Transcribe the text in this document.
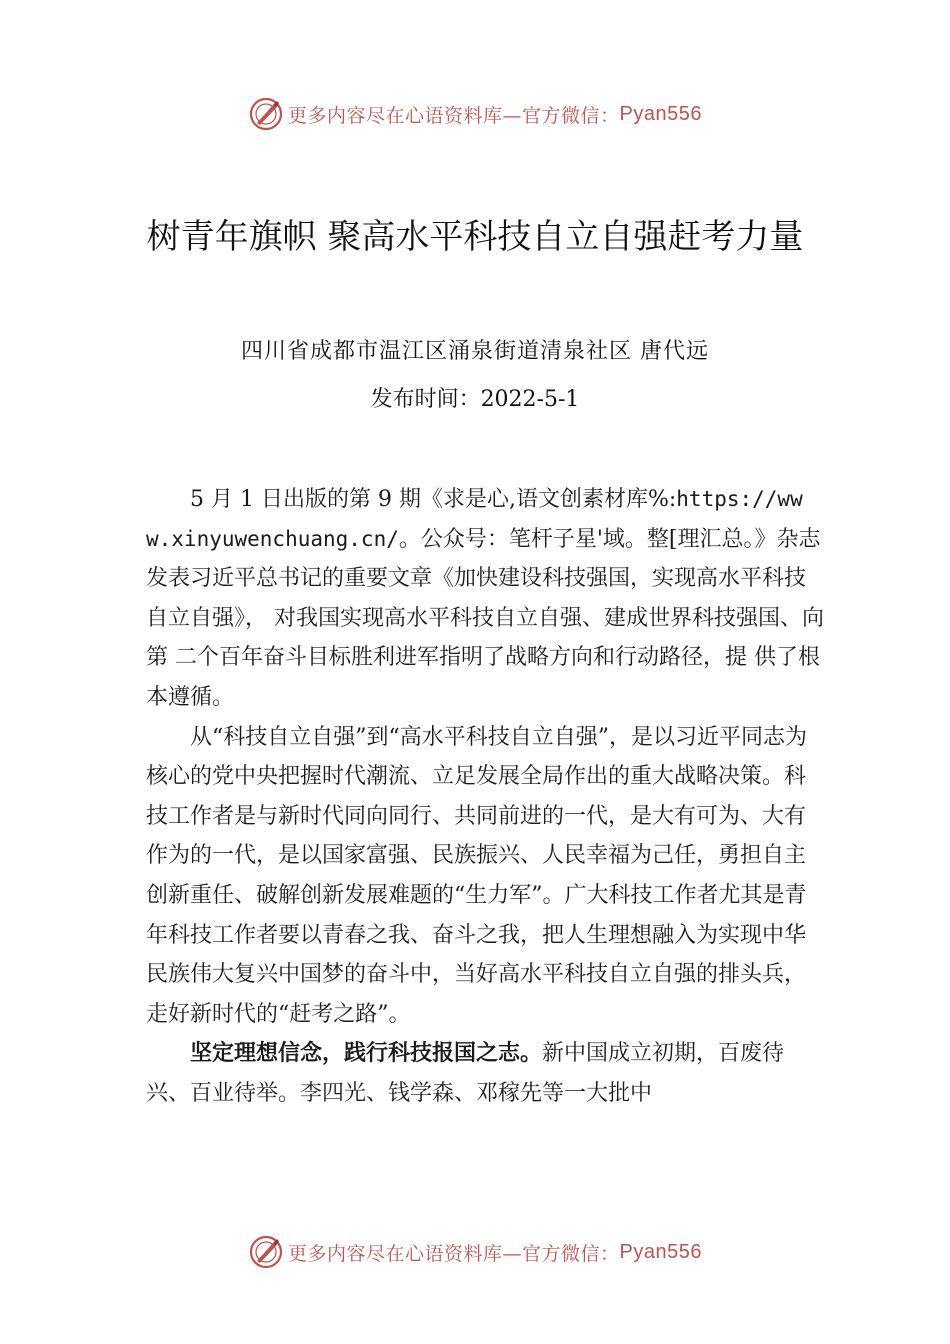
更多内容尽在心语资料库—官方微信： Pyan556
树青年旗帜 聚高水平科技自立自强赶考力量
四川省成都市温江区涌泉街道清泉社区 唐代远
发布时间：2022-5-1

5 月 1 日出版的第 9 期《求是心,语文创素材库%:https://www.xinyuwenchuang.cn/。公众号：笔杆子星'域。整[理汇总。》杂志发表习近平总书记的重要文章《加快建设科技强国，实现高水平科技自立自强》， 对我国实现高水平科技自立自强、建成世界科技强国、向第 二个百年奋斗目标胜利进军指明了战略方向和行动路径，提 供了根本遵循。

从“科技自立自强”到“高水平科技自立自强”，是以习近平同志为核心的党中央把握时代潮流、立足发展全局作出的重大战略决策。科技工作者是与新时代同向同行、共同前进的一代，是大有可为、大有作为的一代，是以国家富强、民族振兴、人民幸福为己任，勇担自主创新重任、破解创新发展难题的“生力军”。广大科技工作者尤其是青年科技工作者要以青春之我、奋斗之我，把人生理想融入为实现中华民族伟大复兴中国梦的奋斗中，当好高水平科技自立自强的排头兵，走好新时代的“赶考之路”。

坚定理想信念，践行科技报国之志。新中国成立初期，百废待兴、百业待举。李四光、钱学森、邓稼先等一大批中

更多内容尽在心语资料库—官方微信： Pyan556
